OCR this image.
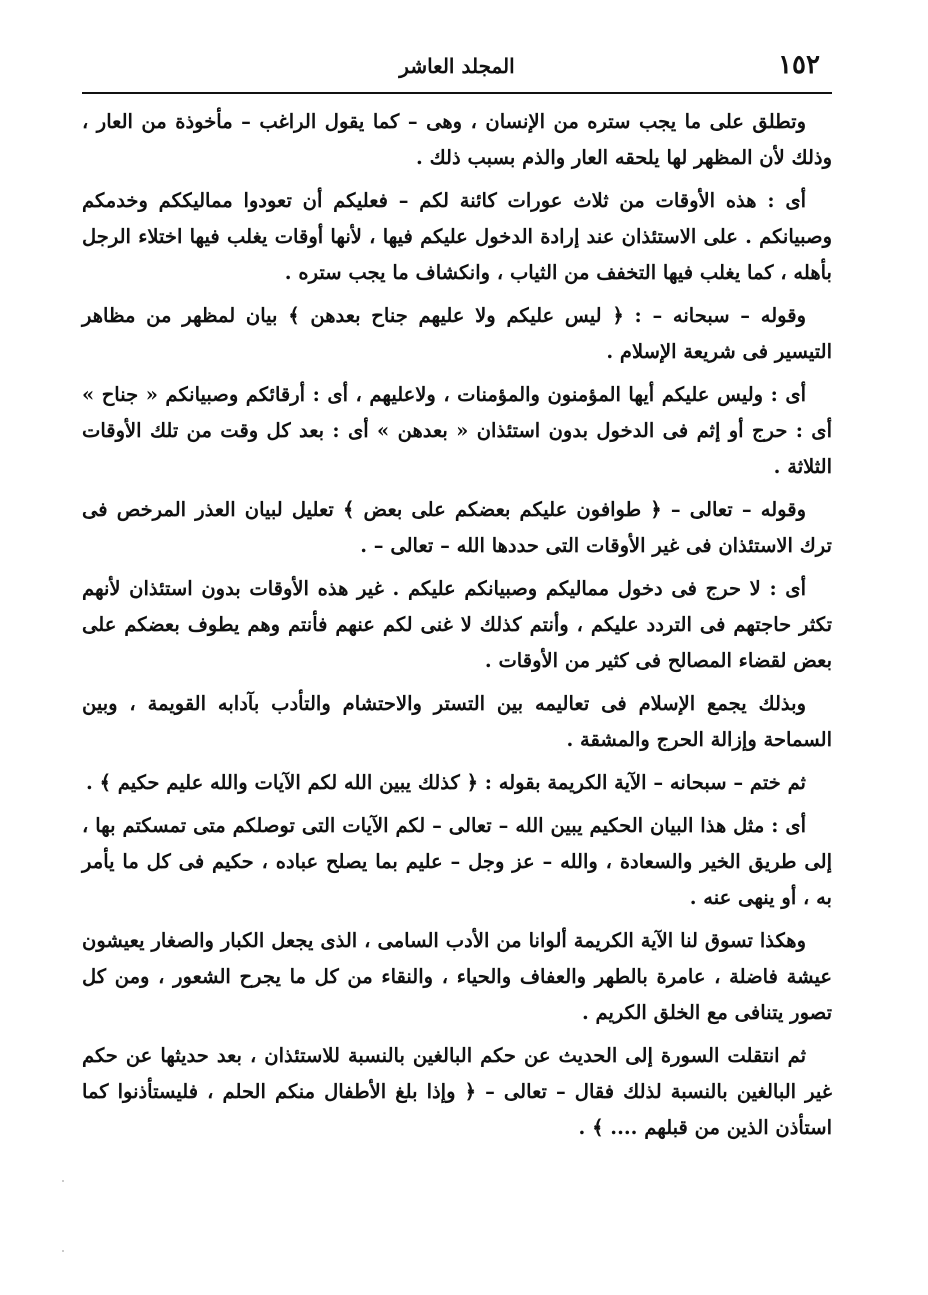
١٥٢
المجلد العاشر

وتطلق على ما يجب ستره من الإنسان ، وهى – كما يقول الراغب – مأخوذة من العار ، وذلك لأن المظهر لها يلحقه العار والذم بسبب ذلك .

أى : هذه الأوقات من ثلاث عورات كائنة لكم – فعليكم أن تعودوا مماليككم وخدمكم وصبيانكم . على الاستئذان عند إرادة الدخول عليكم فيها ، لأنها أوقات يغلب فيها اختلاء الرجل بأهله ، كما يغلب فيها التخفف من الثياب ، وانكشاف ما يجب ستره .

وقوله – سبحانه – : ﴿ ليس عليكم ولا عليهم جناح بعدهن ﴾ بيان لمظهر من مظاهر التيسير فى شريعة الإسلام .

أى : وليس عليكم أيها المؤمنون والمؤمنات ، ولاعليهم ، أى : أرقائكم وصبيانكم « جناح » أى : حرج أو إثم فى الدخول بدون استئذان « بعدهن » أى : بعد كل وقت من تلك الأوقات الثلاثة .

وقوله – تعالى – ﴿ طوافون عليكم بعضكم على بعض ﴾ تعليل لبيان العذر المرخص فى ترك الاستئذان فى غير الأوقات التى حددها الله – تعالى – .

أى : لا حرج فى دخول مماليكم وصبيانكم عليكم . غير هذه الأوقات بدون استئذان لأنهم تكثر حاجتهم فى التردد عليكم ، وأنتم كذلك لا غنى لكم عنهم فأنتم وهم يطوف بعضكم على بعض لقضاء المصالح فى كثير من الأوقات .

وبذلك يجمع الإسلام فى تعاليمه بين التستر والاحتشام والتأدب بآدابه القويمة ، وبين السماحة وإزالة الحرج والمشقة .

ثم ختم – سبحانه – الآية الكريمة بقوله : ﴿ كذلك يبين الله لكم الآيات والله عليم حكيم ﴾ .

أى : مثل هذا البيان الحكيم يبين الله – تعالى – لكم الآيات التى توصلكم متى تمسكتم بها ، إلى طريق الخير والسعادة ، والله – عز وجل – عليم بما يصلح عباده ، حكيم فى كل ما يأمر به ، أو ينهى عنه .

وهكذا تسوق لنا الآية الكريمة ألوانا من الأدب السامى ، الذى يجعل الكبار والصغار يعيشون عيشة فاضلة ، عامرة بالطهر والعفاف والحياء ، والنقاء من كل ما يجرح الشعور ، ومن كل تصور يتنافى مع الخلق الكريم .

ثم انتقلت السورة إلى الحديث عن حكم البالغين بالنسبة للاستئذان ، بعد حديثها عن حكم غير البالغين بالنسبة لذلك فقال – تعالى – ﴿ وإذا بلغ الأطفال منكم الحلم ، فليستأذنوا كما استأذن الذين من قبلهم .... ﴾ .
